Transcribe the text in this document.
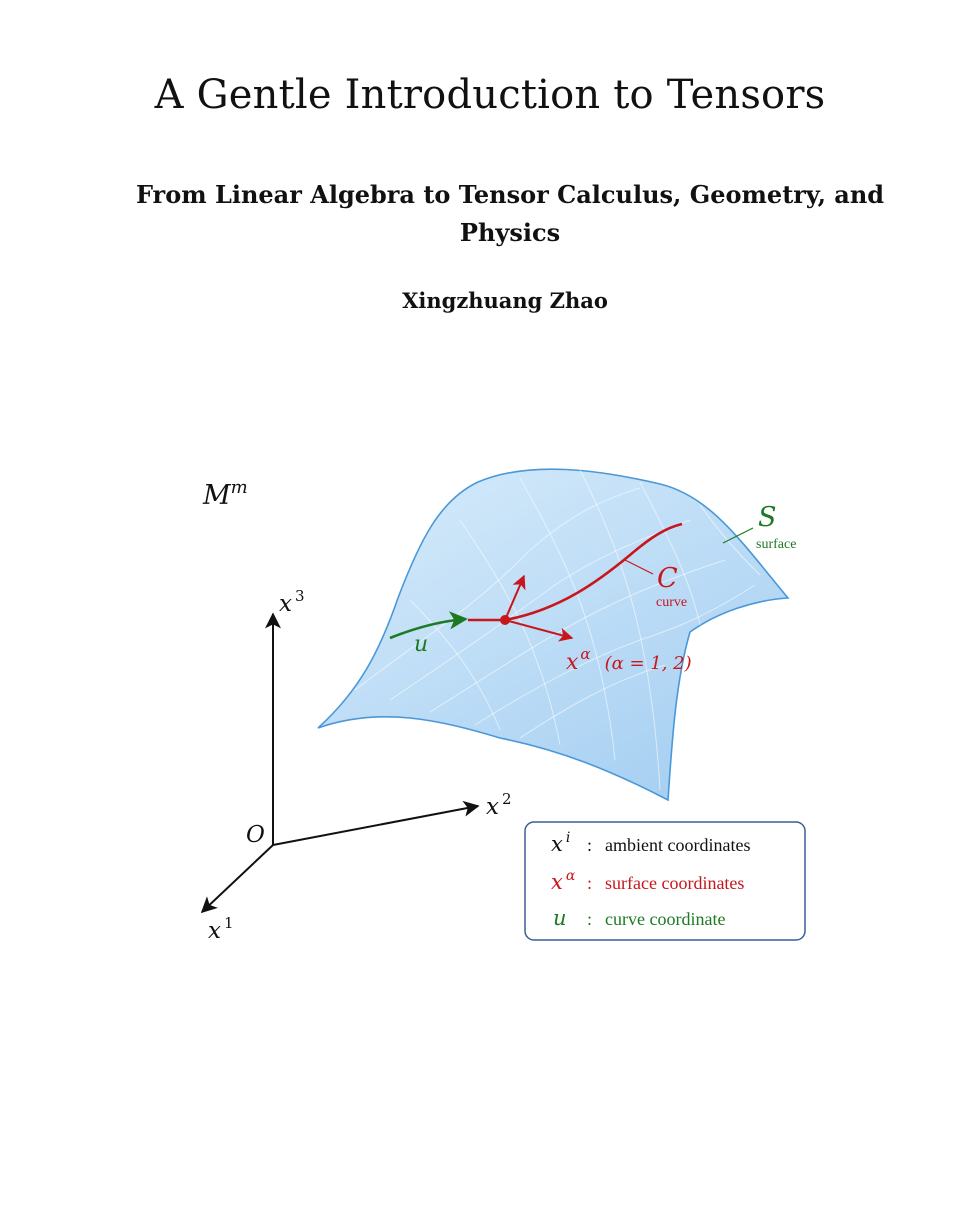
A Gentle Introduction to Tensors
From Linear Algebra to Tensor Calculus, Geometry, and Physics
Xingzhuang Zhao
$M^m$
x $^3$
x $^2$
x $^1$
O
S
surface
C
curve
u
x $^\alpha$ $_{(\alpha = 1, 2)}$
x $^i$ : ambient coordinates
x $^\alpha$ : surface coordinates
u : curve coordinate
